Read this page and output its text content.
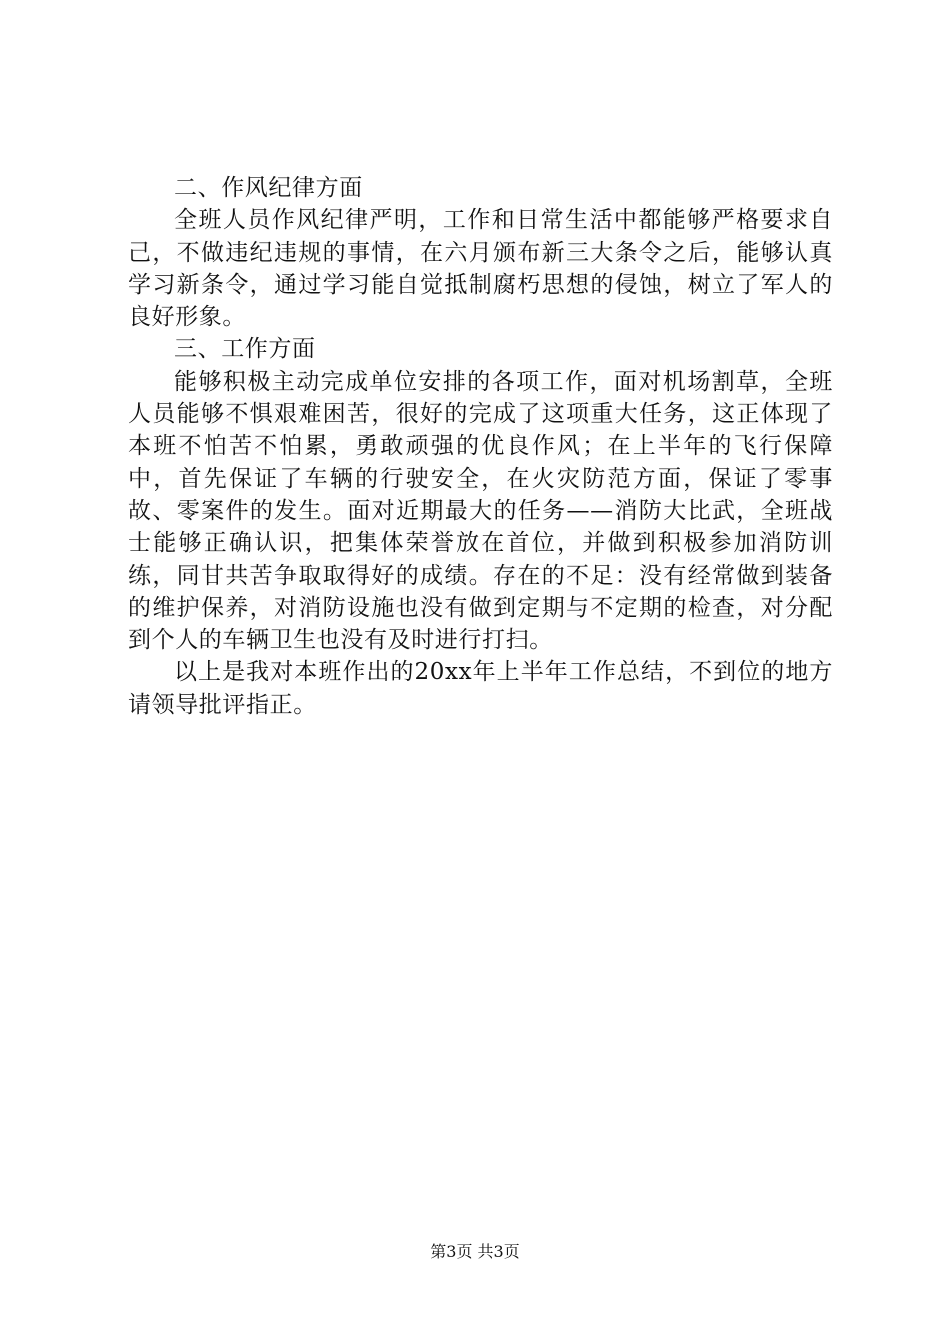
二、作风纪律方面

全班人员作风纪律严明，工作和日常生活中都能够严格要求自己，不做违纪违规的事情，在六月颁布新三大条令之后，能够认真学习新条令，通过学习能自觉抵制腐朽思想的侵蚀，树立了军人的良好形象。

三、工作方面

能够积极主动完成单位安排的各项工作，面对机场割草，全班人员能够不惧艰难困苦，很好的完成了这项重大任务，这正体现了本班不怕苦不怕累，勇敢顽强的优良作风；在上半年的飞行保障中，首先保证了车辆的行驶安全，在火灾防范方面，保证了零事故、零案件的发生。面对近期最大的任务——消防大比武，全班战士能够正确认识，把集体荣誉放在首位，并做到积极参加消防训练，同甘共苦争取取得好的成绩。存在的不足：没有经常做到装备的维护保养，对消防设施也没有做到定期与不定期的检查，对分配到个人的车辆卫生也没有及时进行打扫。

以上是我对本班作出的20xx年上半年工作总结，不到位的地方请领导批评指正。

第3页 共3页
